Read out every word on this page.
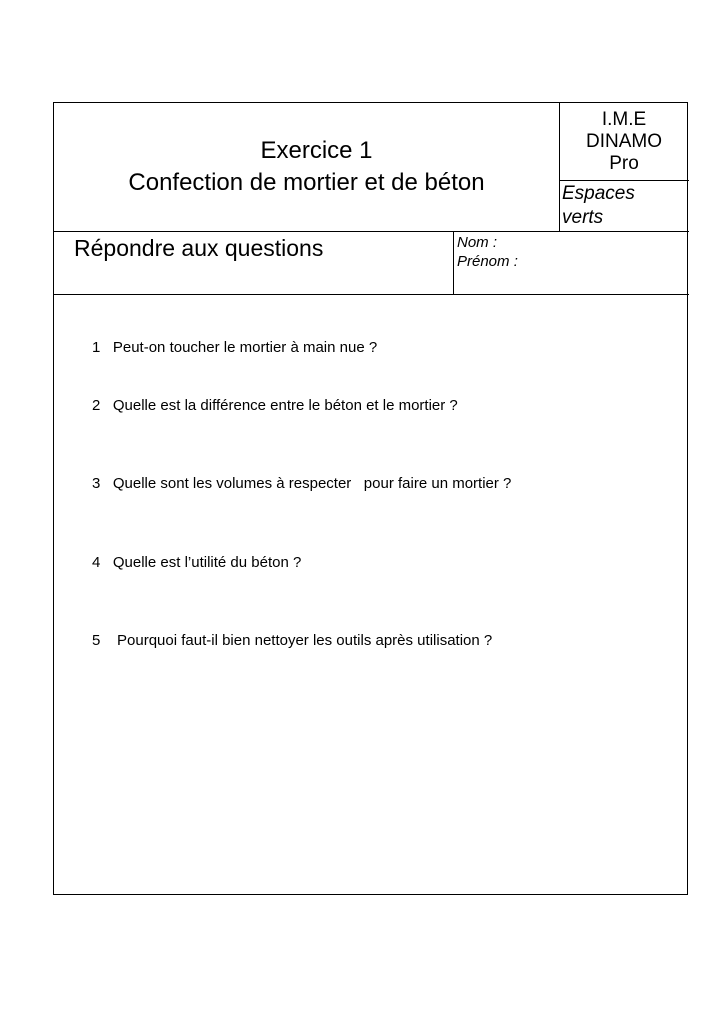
Exercice 1
Confection de mortier et de béton
I.M.E
DINAMO
Pro
Espaces
verts
Répondre aux questions	Nom :
Prénom :
1 Peut-on toucher le mortier à main nue ?
2 Quelle est la différence entre le béton et le mortier ?
3 Quelle sont les volumes à respecter   pour faire un mortier ?
4 Quelle est l’utilité du béton ?
5 Pourquoi faut-il bien nettoyer les outils après utilisation ?
